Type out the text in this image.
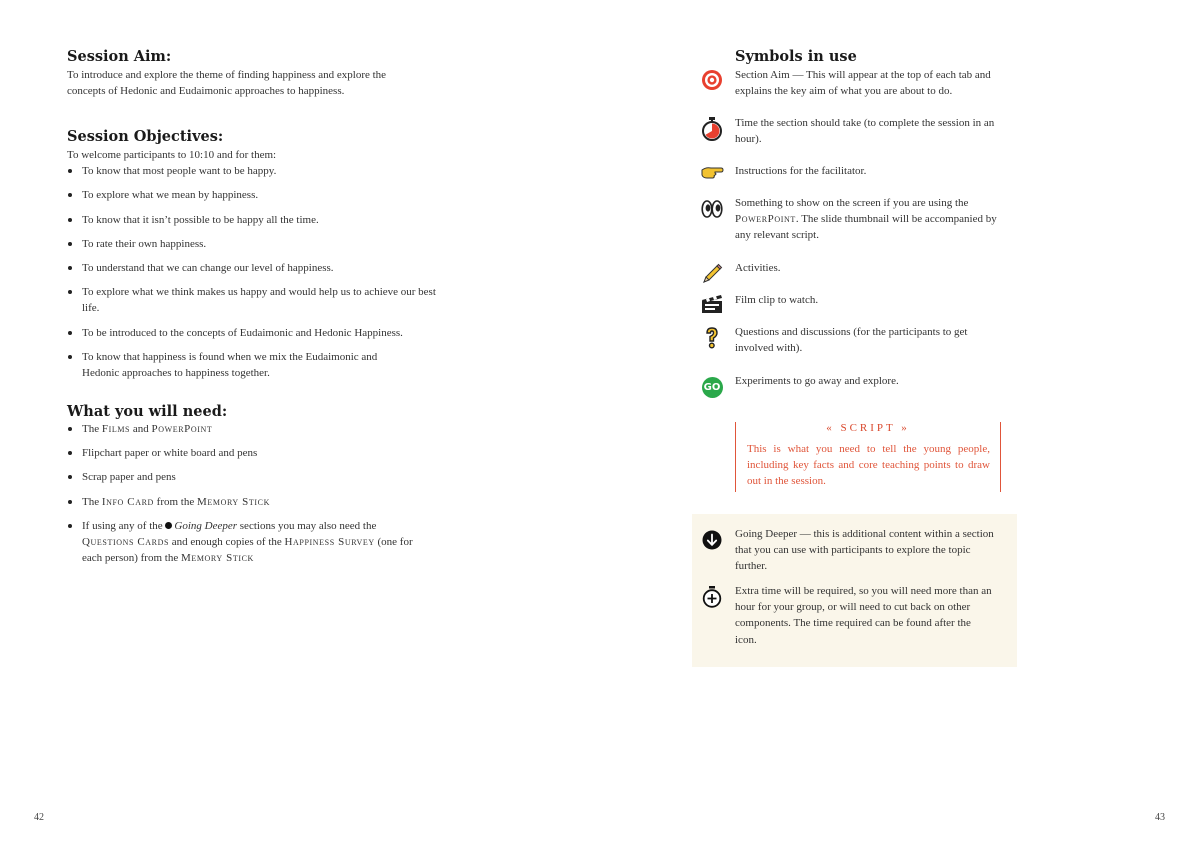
Session Aim:

To introduce and explore the theme of finding happiness and explore the concepts of Hedonic and Eudaimonic approaches to happiness.

Session Objectives:

To welcome participants to 10:10 and for them:

To know that most people want to be happy.
To explore what we mean by happiness.
To know that it isn’t possible to be happy all the time.
To rate their own happiness.
To understand that we can change our level of happiness.
To explore what we think makes us happy and would help us to achieve our best life.
To be introduced to the concepts of Eudaimonic and Hedonic Happiness.
To know that happiness is found when we mix the Eudaimonic and Hedonic approaches to happiness together.
What you will need:
The Films and PowerPoint
Flipchart paper or white board and pens
Scrap paper and pens
The Info Card from the Memory Stick
If using any of the Going Deeper sections you may also need the Questions Cards and enough copies of the Happiness Survey (one for each person) from the Memory Stick
42
Symbols in use
Section Aim — This will appear at the top of each tab and explains the key aim of what you are about to do.
Time the section should take (to complete the session in an hour).
Instructions for the facilitator.
Something to show on the screen if you are using the PowerPoint. The slide thumbnail will be accompanied by any relevant script.
Activities.
Film clip to watch.
Questions and discussions (for the participants to get involved with).
GO Experiments to go away and explore.
« SCRIPT »
This is what you need to tell the young people, including key facts and core teaching points to draw out in the session.
Going Deeper — this is additional content within a section that you can use with participants to explore the topic further.
Extra time will be required, so you will need more than an hour for your group, or will need to cut back on other components. The time required can be found after the icon.
43
